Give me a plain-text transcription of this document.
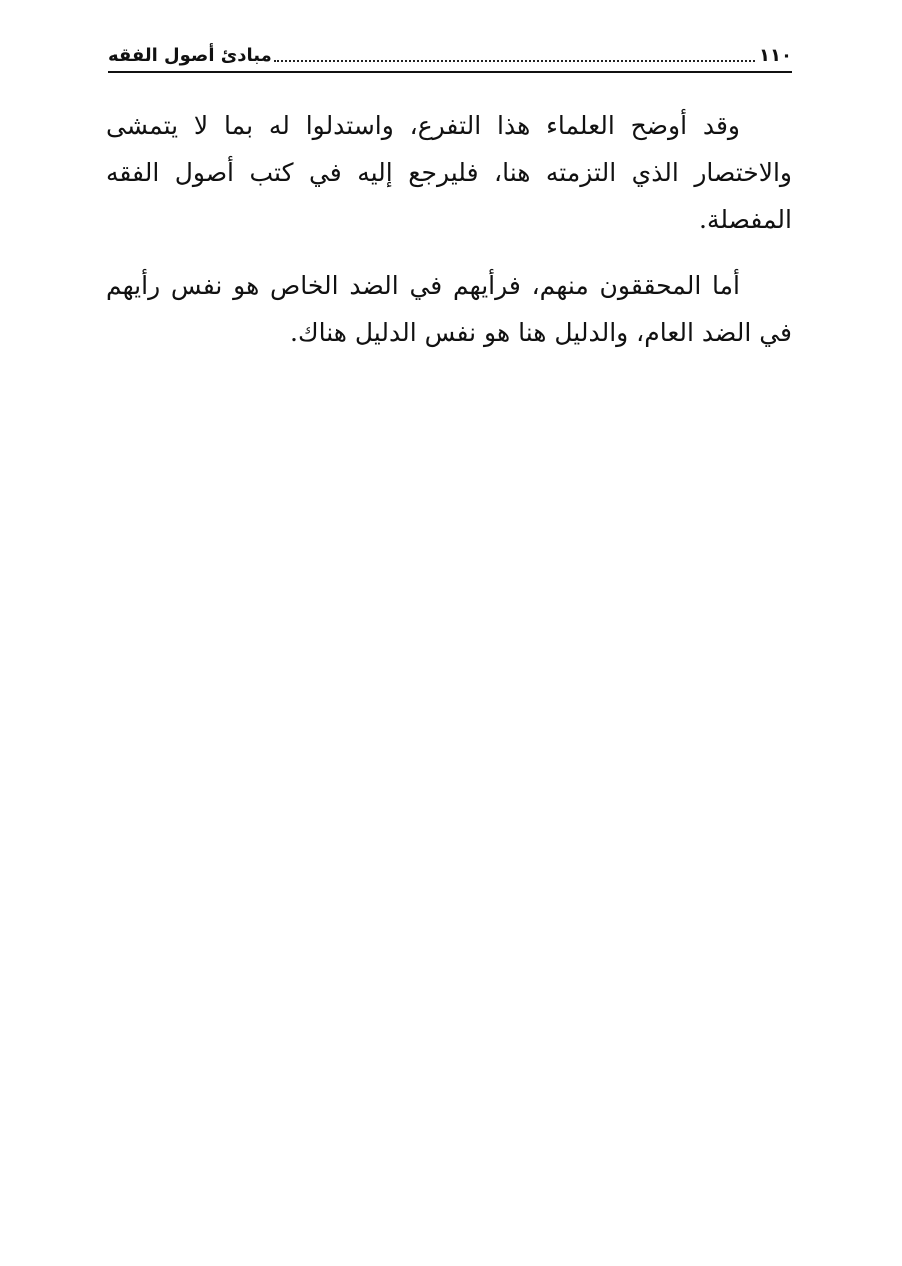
١١٠
مبادئ أصول الفقه

وقد أوضح العلماء هذا التفرع، واستدلوا له بما لا يتمشى والاختصار الذي التزمته هنا، فليرجع إليه في كتب أصول الفقه المفصلة.

أما المحققون منهم، فرأيهم في الضد الخاص هو نفس رأيهم في الضد العام، والدليل هنا هو نفس الدليل هناك.
